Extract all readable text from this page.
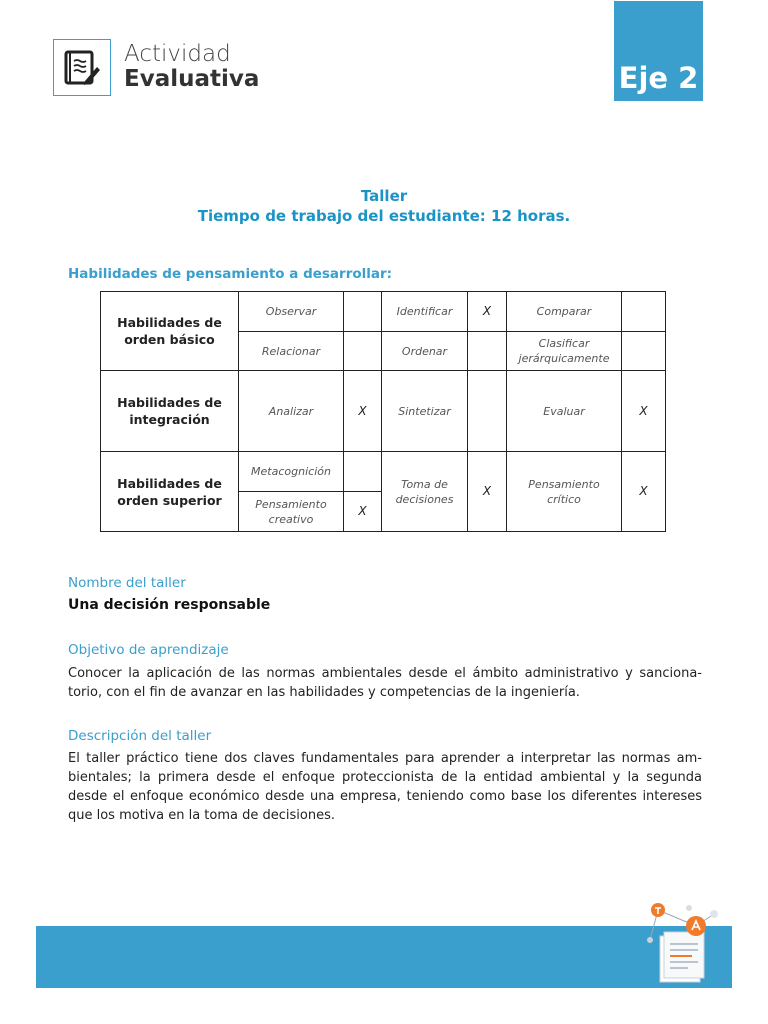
Actividad
Evaluativa	Eje 2
Taller
Tiempo de trabajo del estudiante: 12 horas.
Habilidades de pensamiento a desarrollar:
Habilidades de orden básico	Observar		Identificar	X	Comparar	
	Relacionar		Ordenar		Clasificar jerárquicamente	
Habilidades de integración	Analizar	X	Sintetizar		Evaluar	X
Habilidades de orden superior	Metacognición		Toma de decisiones	X	Pensamiento crítico	X
	Pensamiento creativo	X				
Nombre del taller
Una decisión responsable
Objetivo de aprendizaje
Conocer la aplicación de las normas ambientales desde el ámbito administrativo y sanciona-torio, con el fin de avanzar en las habilidades y competencias de la ingeniería.
Descripción del taller
El taller práctico tiene dos claves fundamentales para aprender a interpretar las normas am-bientales; la primera desde el enfoque proteccionista de la entidad ambiental y la segunda desde el enfoque económico desde una empresa, teniendo como base los diferentes intereses que los motiva en la toma de decisiones.
